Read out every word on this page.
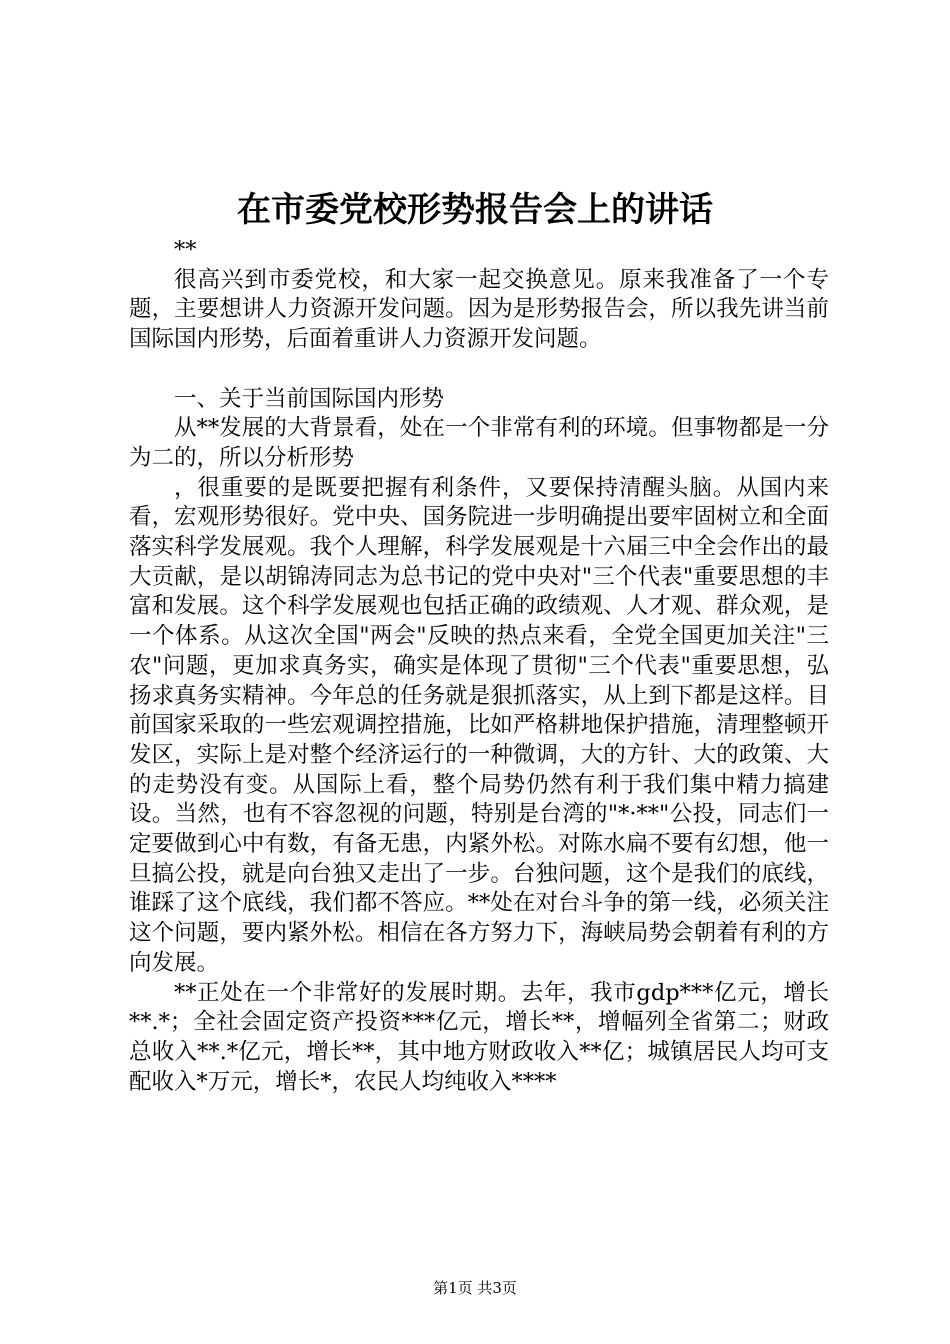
在市委党校形势报告会上的讲话

**

很高兴到市委党校，和大家一起交换意见。原来我准备了一个专题，主要想讲人力资源开发问题。因为是形势报告会，所以我先讲当前国际国内形势，后面着重讲人力资源开发问题。

一、关于当前国际国内形势

从**发展的大背景看，处在一个非常有利的环境。但事物都是一分为二的，所以分析形势

，很重要的是既要把握有利条件，又要保持清醒头脑。从国内来看，宏观形势很好。党中央、国务院进一步明确提出要牢固树立和全面落实科学发展观。我个人理解，科学发展观是十六届三中全会作出的最大贡献，是以胡锦涛同志为总书记的党中央对"三个代表"重要思想的丰富和发展。这个科学发展观也包括正确的政绩观、人才观、群众观，是一个体系。从这次全国"两会"反映的热点来看，全党全国更加关注"三农"问题，更加求真务实，确实是体现了贯彻"三个代表"重要思想，弘扬求真务实精神。今年总的任务就是狠抓落实，从上到下都是这样。目前国家采取的一些宏观调控措施，比如严格耕地保护措施，清理整顿开发区，实际上是对整个经济运行的一种微调，大的方针、大的政策、大的走势没有变。从国际上看，整个局势仍然有利于我们集中精力搞建设。当然，也有不容忽视的问题，特别是台湾的"*·**"公投，同志们一定要做到心中有数，有备无患，内紧外松。对陈水扁不要有幻想，他一旦搞公投，就是向台独又走出了一步。台独问题，这个是我们的底线，谁踩了这个底线，我们都不答应。**处在对台斗争的第一线，必须关注这个问题，要内紧外松。相信在各方努力下，海峡局势会朝着有利的方向发展。

**正处在一个非常好的发展时期。去年，我市gdp***亿元，增长**.*；全社会固定资产投资***亿元，增长**，增幅列全省第二；财政总收入**.*亿元，增长**，其中地方财政收入**亿；城镇居民人均可支配收入*万元，增长*，农民人均纯收入****

第1页 共3页
